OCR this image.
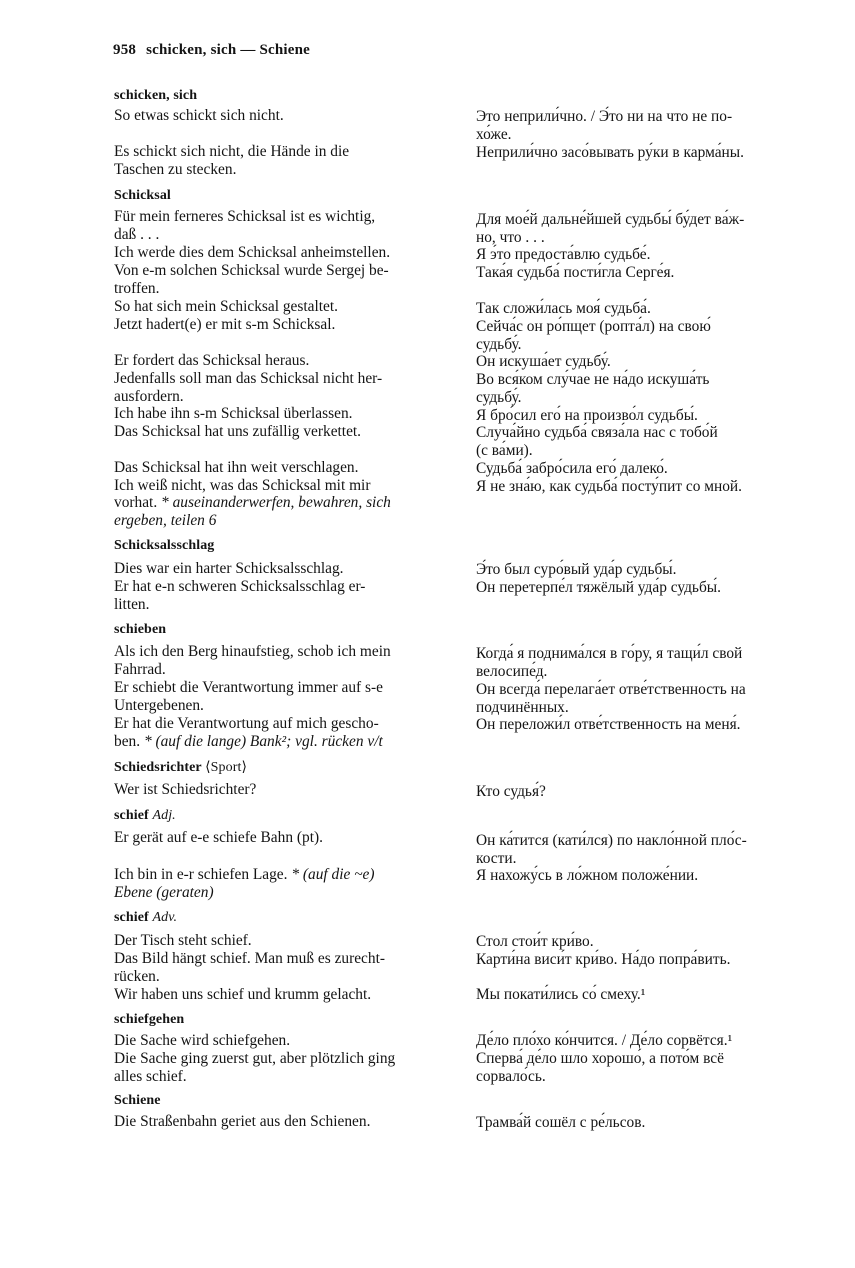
958 schicken, sich — Schiene
schicken, sich
So etwas schickt sich nicht.	Это неприли́чно. / Э́то ни на что не по-
хо́же.
Es schickt sich nicht, die Hände in die	Неприли́чно засо́вывать ру́ки в карма́ны.
Taschen zu stecken.
Schicksal
Für mein ferneres Schicksal ist es wichtig,	Для мое́й дальне́йшей судьбы́ бу́дет ва́ж-
daß . . .	но, что . . .
Ich werde dies dem Schicksal anheimstellen.	Я э́то предоста́влю судьбе́.
Von e-m solchen Schicksal wurde Sergej be-	Така́я судьба́ пости́гла Серге́я.
troffen.
So hat sich mein Schicksal gestaltet.	Так сложи́лась моя́ судьба́.
Jetzt hadert(e) er mit s-m Schicksal.	Сейча́с он ро́пщет (ропта́л) на свою́
судьбу́.
Er fordert das Schicksal heraus.	Он искуша́ет судьбу́.
Jedenfalls soll man das Schicksal nicht her-	Во вся́ком слу́чае не на́до искуша́ть
ausfordern.	судьбу́.
Ich habe ihn s-m Schicksal überlassen.	Я бро́сил его́ на произво́л судьбы́.
Das Schicksal hat uns zufällig verkettet.	Случа́йно судьба́ связа́ла нас с тобо́й
(с ва́ми).
Das Schicksal hat ihn weit verschlagen.	Судьба́ забро́сила его́ далеко́.
Ich weiß nicht, was das Schicksal mit mir	Я не зна́ю, как судьба́ посту́пит со мной.
vorhat. * auseinanderwerfen, bewahren, sich
ergeben, teilen 6
Schicksalsschlag
Dies war ein harter Schicksalsschlag.	Э́то был суро́вый уда́р судьбы́.
Er hat e-n schweren Schicksalsschlag er-	Он перетерпе́л тяжёлый уда́р судьбы́.
litten.
schieben
Als ich den Berg hinaufstieg, schob ich mein	Когда́ я поднима́лся в го́ру, я тащи́л свой
Fahrrad.	велосипе́д.
Er schiebt die Verantwortung immer auf s-e	Он всегда́ перелага́ет отве́тственность на
Untergebenen.	подчинённых.
Er hat die Verantwortung auf mich gescho-	Он переложи́л отве́тственность на меня́.
ben. * (auf die lange) Bank²; vgl. rücken v/t
Schiedsrichter ⟨Sport⟩
Wer ist Schiedsrichter?	Кто судья́?
schief Adj.
Er gerät auf e-e schiefe Bahn (pt).	Он ка́тится (кати́лся) по накло́нной пло́с-
кости.
Ich bin in e-r schiefen Lage. * (auf die ~e)	Я нахожу́сь в ло́жном положе́нии.
Ebene (geraten)
schief Adv.
Der Tisch steht schief.	Стол стои́т кри́во.
Das Bild hängt schief. Man muß es zurecht-	Карти́на виси́т кри́во. На́до попра́вить.
rücken.
Wir haben uns schief und krumm gelacht.	Мы покати́лись со́ смеху.¹
schiefgehen
Die Sache wird schiefgehen.	Де́ло пло́хо ко́нчится. / Де́ло сорвётся.¹
Die Sache ging zuerst gut, aber plötzlich ging	Сперва́ де́ло шло хорошо́, а пото́м всё
alles schief.	сорвало́сь.
Schiene
Die Straßenbahn geriet aus den Schienen.	Трамва́й сошёл с ре́льсов.
